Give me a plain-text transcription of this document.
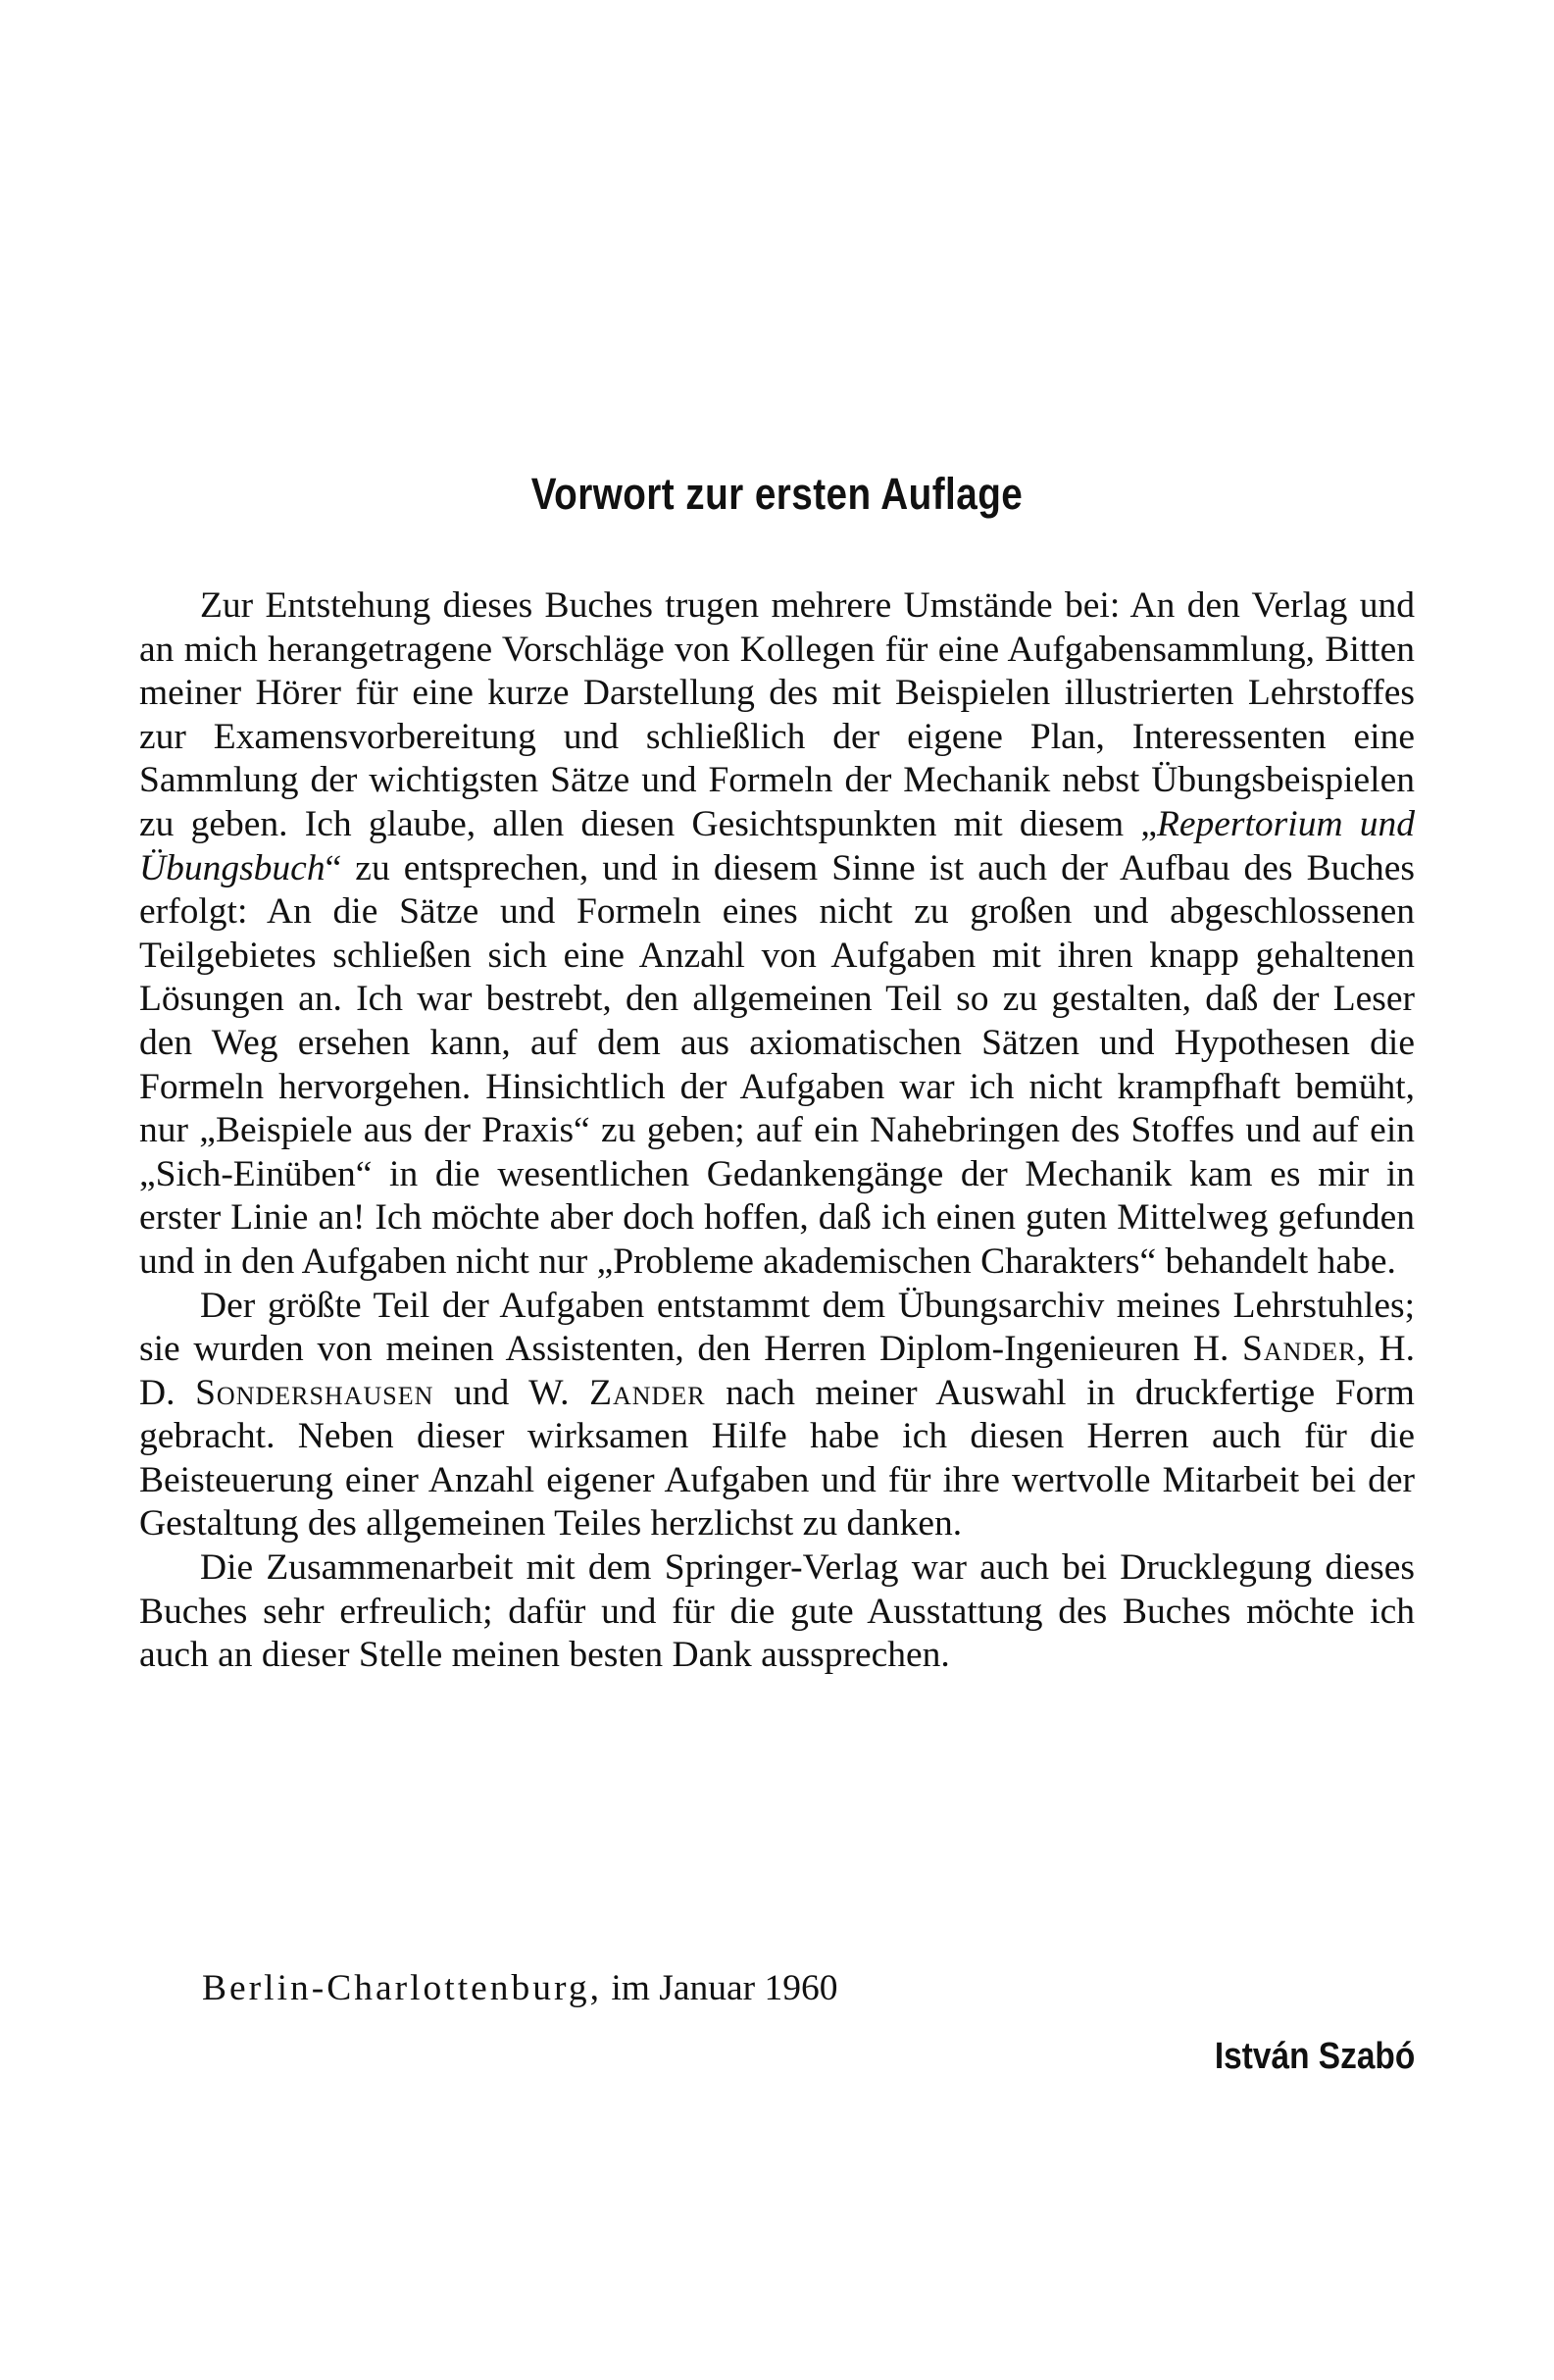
Vorwort zur ersten Auflage

Zur Entstehung dieses Buches trugen mehrere Umstände bei: An den Verlag und an mich herangetragene Vorschläge von Kollegen für eine Aufgabensammlung, Bitten meiner Hörer für eine kurze Darstellung des mit Beispielen illustrierten Lehrstoffes zur Examensvorbereitung und schließlich der eigene Plan, Interessenten eine Sammlung der wichtigsten Sätze und Formeln der Mechanik nebst Übungsbeispielen zu geben. Ich glaube, allen diesen Gesichtspunkten mit diesem „Repertorium und Übungsbuch“ zu entsprechen, und in diesem Sinne ist auch der Aufbau des Buches erfolgt: An die Sätze und Formeln eines nicht zu großen und abgeschlossenen Teilgebietes schließen sich eine Anzahl von Aufgaben mit ihren knapp gehaltenen Lösungen an. Ich war bestrebt, den allgemeinen Teil so zu gestalten, daß der Leser den Weg ersehen kann, auf dem aus axiomatischen Sätzen und Hypothesen die Formeln hervorgehen. Hinsichtlich der Aufgaben war ich nicht krampfhaft bemüht, nur „Beispiele aus der Praxis“ zu geben; auf ein Nahebringen des Stoffes und auf ein „Sich-Einüben“ in die wesentlichen Gedankengänge der Mechanik kam es mir in erster Linie an! Ich möchte aber doch hoffen, daß ich einen guten Mittelweg gefunden und in den Aufgaben nicht nur „Probleme akademischen Charakters“ behandelt habe.

Der größte Teil der Aufgaben entstammt dem Übungsarchiv meines Lehrstuhles; sie wurden von meinen Assistenten, den Herren Diplom-Ingenieuren H. Sander, H. D. Sondershausen und W. Zander nach meiner Auswahl in druckfertige Form gebracht. Neben dieser wirksamen Hilfe habe ich diesen Herren auch für die Beisteuerung einer Anzahl eigener Aufgaben und für ihre wertvolle Mitarbeit bei der Gestaltung des allgemeinen Teiles herzlichst zu danken.

Die Zusammenarbeit mit dem Springer-Verlag war auch bei Drucklegung dieses Buches sehr erfreulich; dafür und für die gute Ausstattung des Buches möchte ich auch an dieser Stelle meinen besten Dank aussprechen.

Berlin-Charlottenburg, im Januar 1960
István Szabó
